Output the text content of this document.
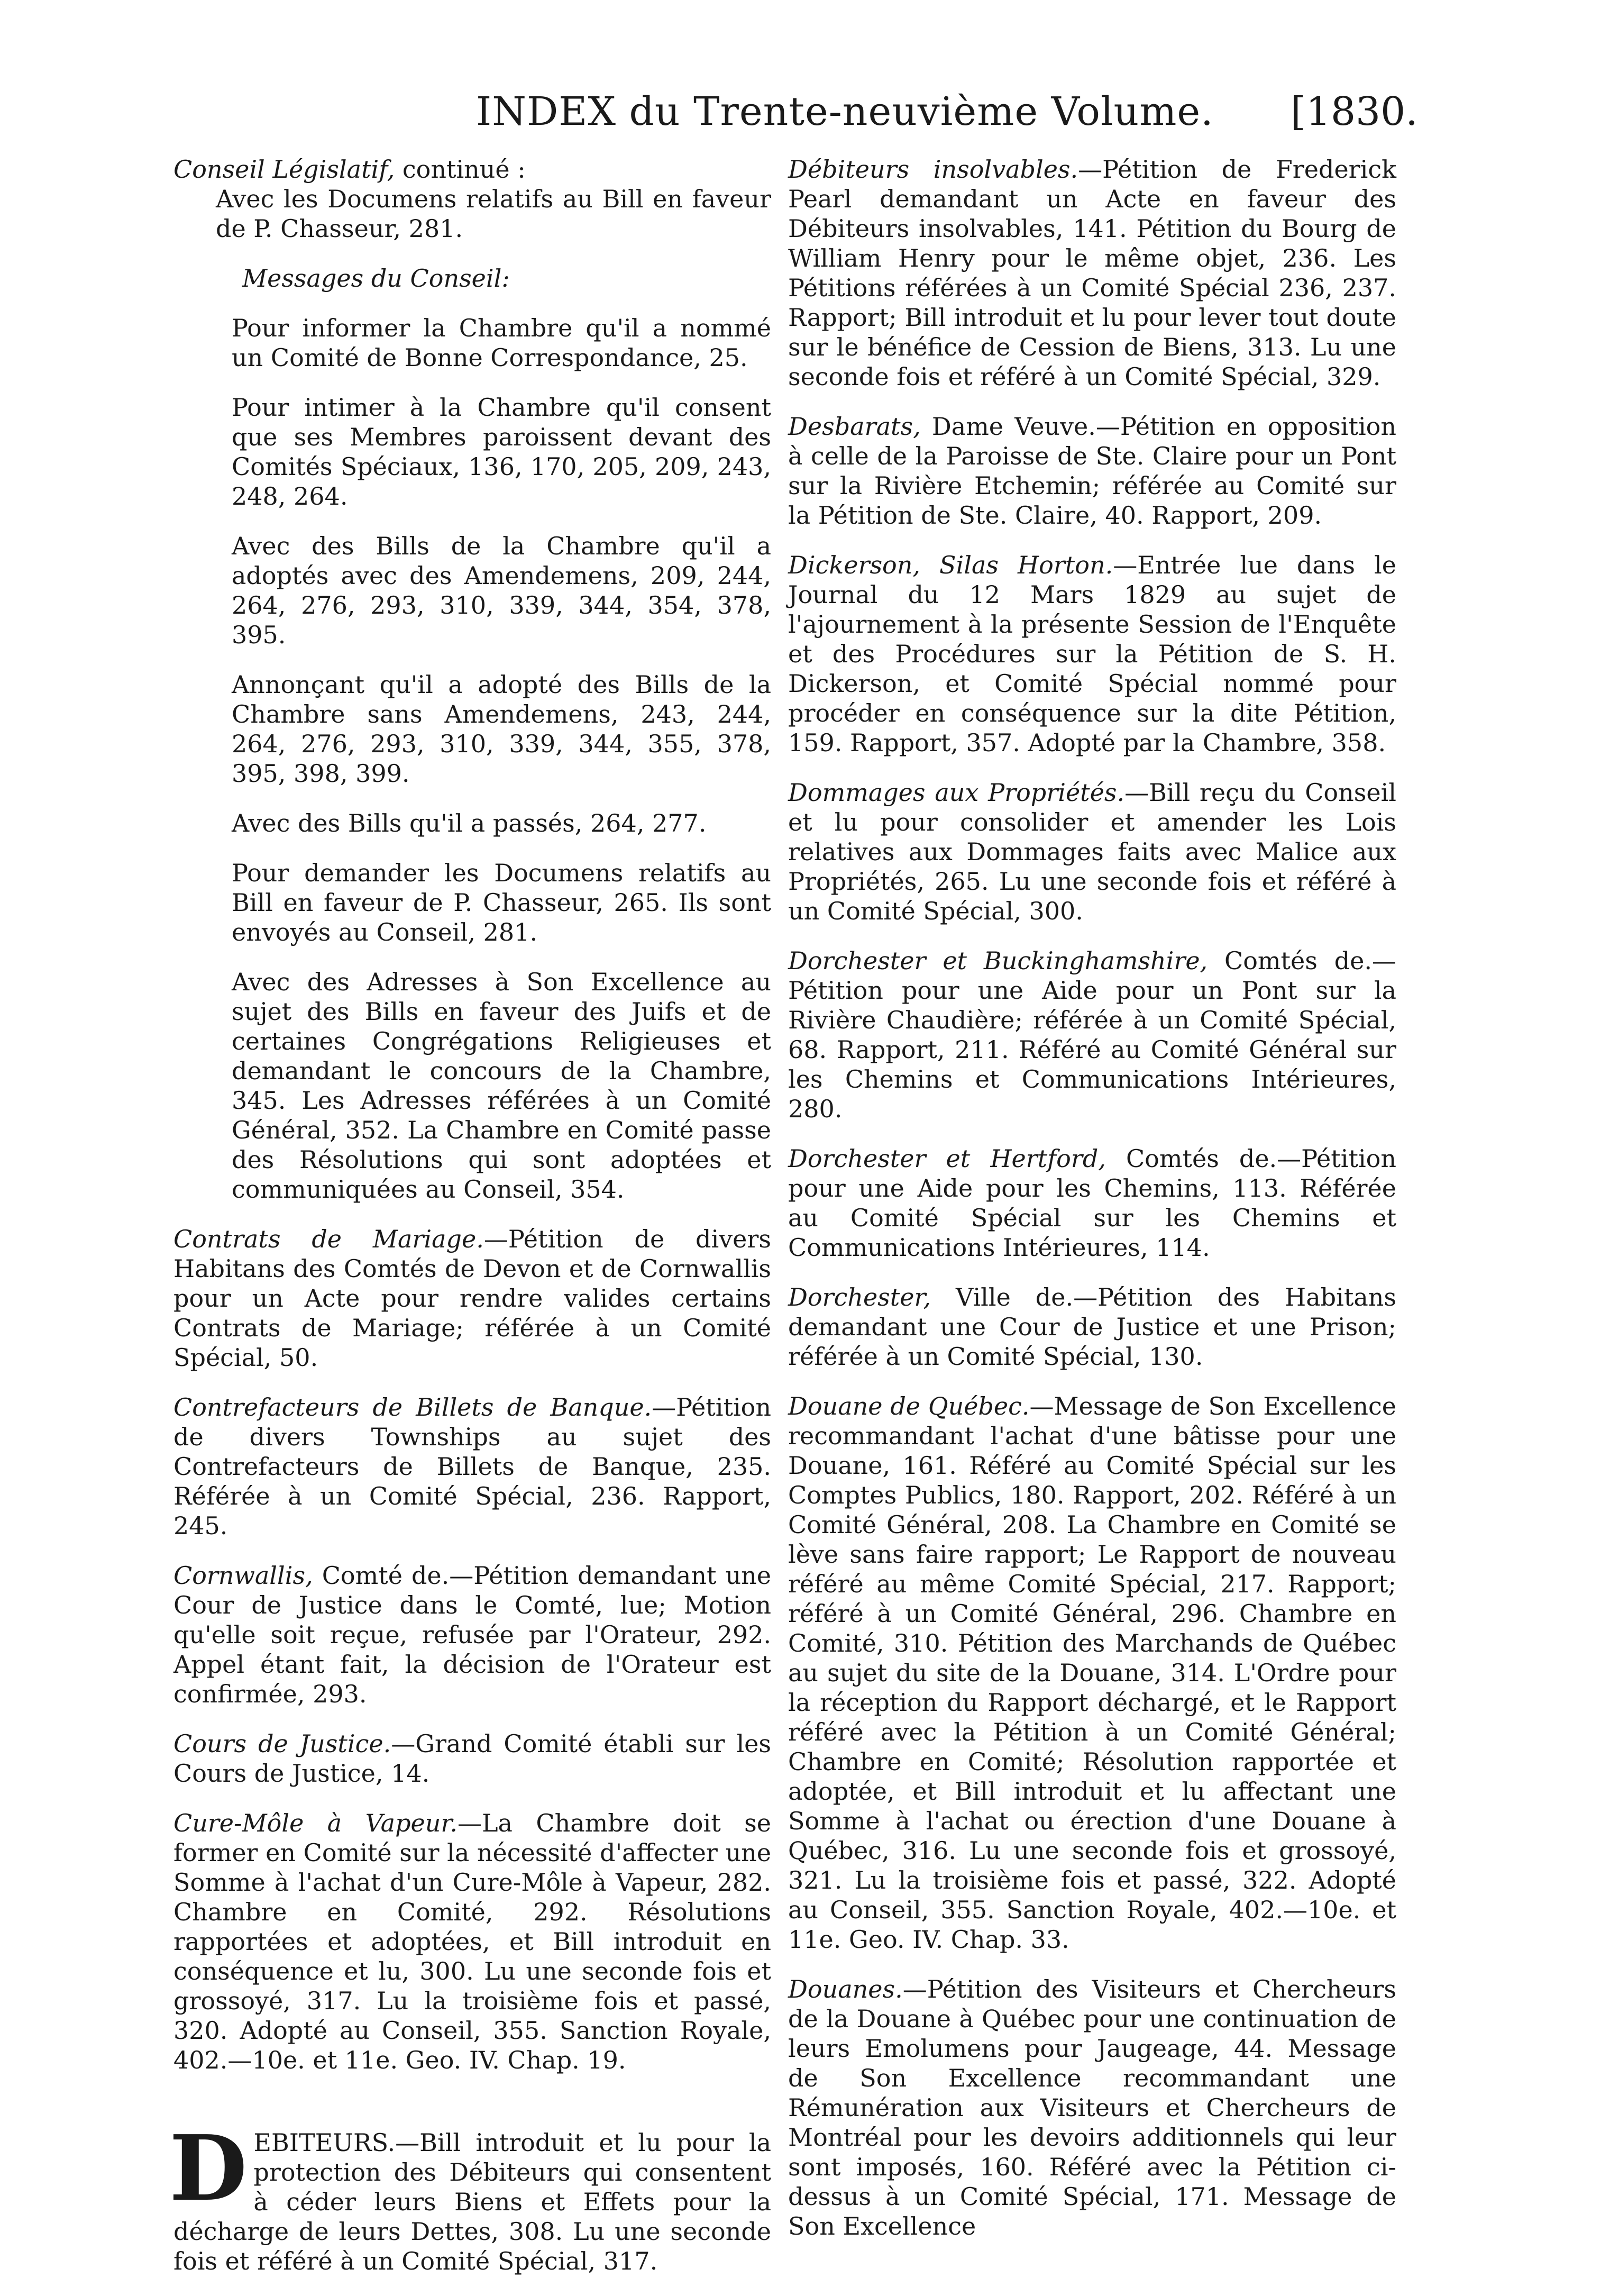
INDEX du Trente-neuvième Volume. [1830.
Conseil Législatif, continué :
Avec les Documens relatifs au Bill en faveur de P. Chasseur, 281.
Messages du Conseil:
Pour informer la Chambre qu'il a nommé un Comité de Bonne Correspondance, 25.
Pour intimer à la Chambre qu'il consent que ses Membres paroissent devant des Comités Spéciaux, 136, 170, 205, 209, 243, 248, 264.
Avec des Bills de la Chambre qu'il a adoptés avec des Amendemens, 209, 244, 264, 276, 293, 310, 339, 344, 354, 378, 395.
Annonçant qu'il a adopté des Bills de la Chambre sans Amendemens, 243, 244, 264, 276, 293, 310, 339, 344, 355, 378, 395, 398, 399.
Avec des Bills qu'il a passés, 264, 277.
Pour demander les Documens relatifs au Bill en faveur de P. Chasseur, 265. Ils sont envoyés au Conseil, 281.
Avec des Adresses à Son Excellence au sujet des Bills en faveur des Juifs et de certaines Congrégations Religieuses et demandant le concours de la Chambre, 345. Les Adresses référées à un Comité Général, 352. La Chambre en Comité passe des Résolutions qui sont adoptées et communiquées au Conseil, 354.
Contrats de Mariage.—Pétition de divers Habitans des Comtés de Devon et de Cornwallis pour un Acte pour rendre valides certains Contrats de Mariage; référée à un Comité Spécial, 50.
Contrefacteurs de Billets de Banque.—Pétition de divers Townships au sujet des Contrefacteurs de Billets de Banque, 235. Référée à un Comité Spécial, 236. Rapport, 245.
Cornwallis, Comté de.—Pétition demandant une Cour de Justice dans le Comté, lue; Motion qu'elle soit reçue, refusée par l'Orateur, 292. Appel étant fait, la décision de l'Orateur est confirmée, 293.
Cours de Justice.—Grand Comité établi sur les Cours de Justice, 14.
Cure-Môle à Vapeur.—La Chambre doit se former en Comité sur la nécessité d'affecter une Somme à l'achat d'un Cure-Môle à Vapeur, 282. Chambre en Comité, 292. Résolutions rapportées et adoptées, et Bill introduit en conséquence et lu, 300. Lu une seconde fois et grossoyé, 317. Lu la troisième fois et passé, 320. Adopté au Conseil, 355. Sanction Royale, 402.—10e. et 11e. Geo. IV. Chap. 19.
D EBITEURS.—Bill introduit et lu pour la protection des Débiteurs qui consentent à céder leurs Biens et Effets pour la décharge de leurs Dettes, 308. Lu une seconde fois et référé à un Comité Spécial, 317.
Débiteurs insolvables.—Pétition de Frederick Pearl demandant un Acte en faveur des Débiteurs insolvables, 141. Pétition du Bourg de William Henry pour le même objet, 236. Les Pétitions référées à un Comité Spécial 236, 237. Rapport; Bill introduit et lu pour lever tout doute sur le bénéfice de Cession de Biens, 313. Lu une seconde fois et référé à un Comité Spécial, 329.
Desbarats, Dame Veuve.—Pétition en opposition à celle de la Paroisse de Ste. Claire pour un Pont sur la Rivière Etchemin; référée au Comité sur la Pétition de Ste. Claire, 40. Rapport, 209.
Dickerson, Silas Horton.—Entrée lue dans le Journal du 12 Mars 1829 au sujet de l'ajournement à la présente Session de l'Enquête et des Procédures sur la Pétition de S. H. Dickerson, et Comité Spécial nommé pour procéder en conséquence sur la dite Pétition, 159. Rapport, 357. Adopté par la Chambre, 358.
Dommages aux Propriétés.—Bill reçu du Conseil et lu pour consolider et amender les Lois relatives aux Dommages faits avec Malice aux Propriétés, 265. Lu une seconde fois et référé à un Comité Spécial, 300.
Dorchester et Buckinghamshire, Comtés de.—Pétition pour une Aide pour un Pont sur la Rivière Chaudière; référée à un Comité Spécial, 68. Rapport, 211. Référé au Comité Général sur les Chemins et Communications Intérieures, 280.
Dorchester et Hertford, Comtés de.—Pétition pour une Aide pour les Chemins, 113. Référée au Comité Spécial sur les Chemins et Communications Intérieures, 114.
Dorchester, Ville de.—Pétition des Habitans demandant une Cour de Justice et une Prison; référée à un Comité Spécial, 130.
Douane de Québec.—Message de Son Excellence recommandant l'achat d'une bâtisse pour une Douane, 161. Référé au Comité Spécial sur les Comptes Publics, 180. Rapport, 202. Référé à un Comité Général, 208. La Chambre en Comité se lève sans faire rapport; Le Rapport de nouveau référé au même Comité Spécial, 217. Rapport; référé à un Comité Général, 296. Chambre en Comité, 310. Pétition des Marchands de Québec au sujet du site de la Douane, 314. L'Ordre pour la réception du Rapport déchargé, et le Rapport référé avec la Pétition à un Comité Général; Chambre en Comité; Résolution rapportée et adoptée, et Bill introduit et lu affectant une Somme à l'achat ou érection d'une Douane à Québec, 316. Lu une seconde fois et grossoyé, 321. Lu la troisième fois et passé, 322. Adopté au Conseil, 355. Sanction Royale, 402.—10e. et 11e. Geo. IV. Chap. 33.
Douanes.—Pétition des Visiteurs et Chercheurs de la Douane à Québec pour une continuation de leurs Emolumens pour Jaugeage, 44. Message de Son Excellence recommandant une Rémunération aux Visiteurs et Chercheurs de Montréal pour les devoirs additionnels qui leur sont imposés, 160. Référé avec la Pétition ci-dessus à un Comité Spécial, 171. Message de Son Excellence
